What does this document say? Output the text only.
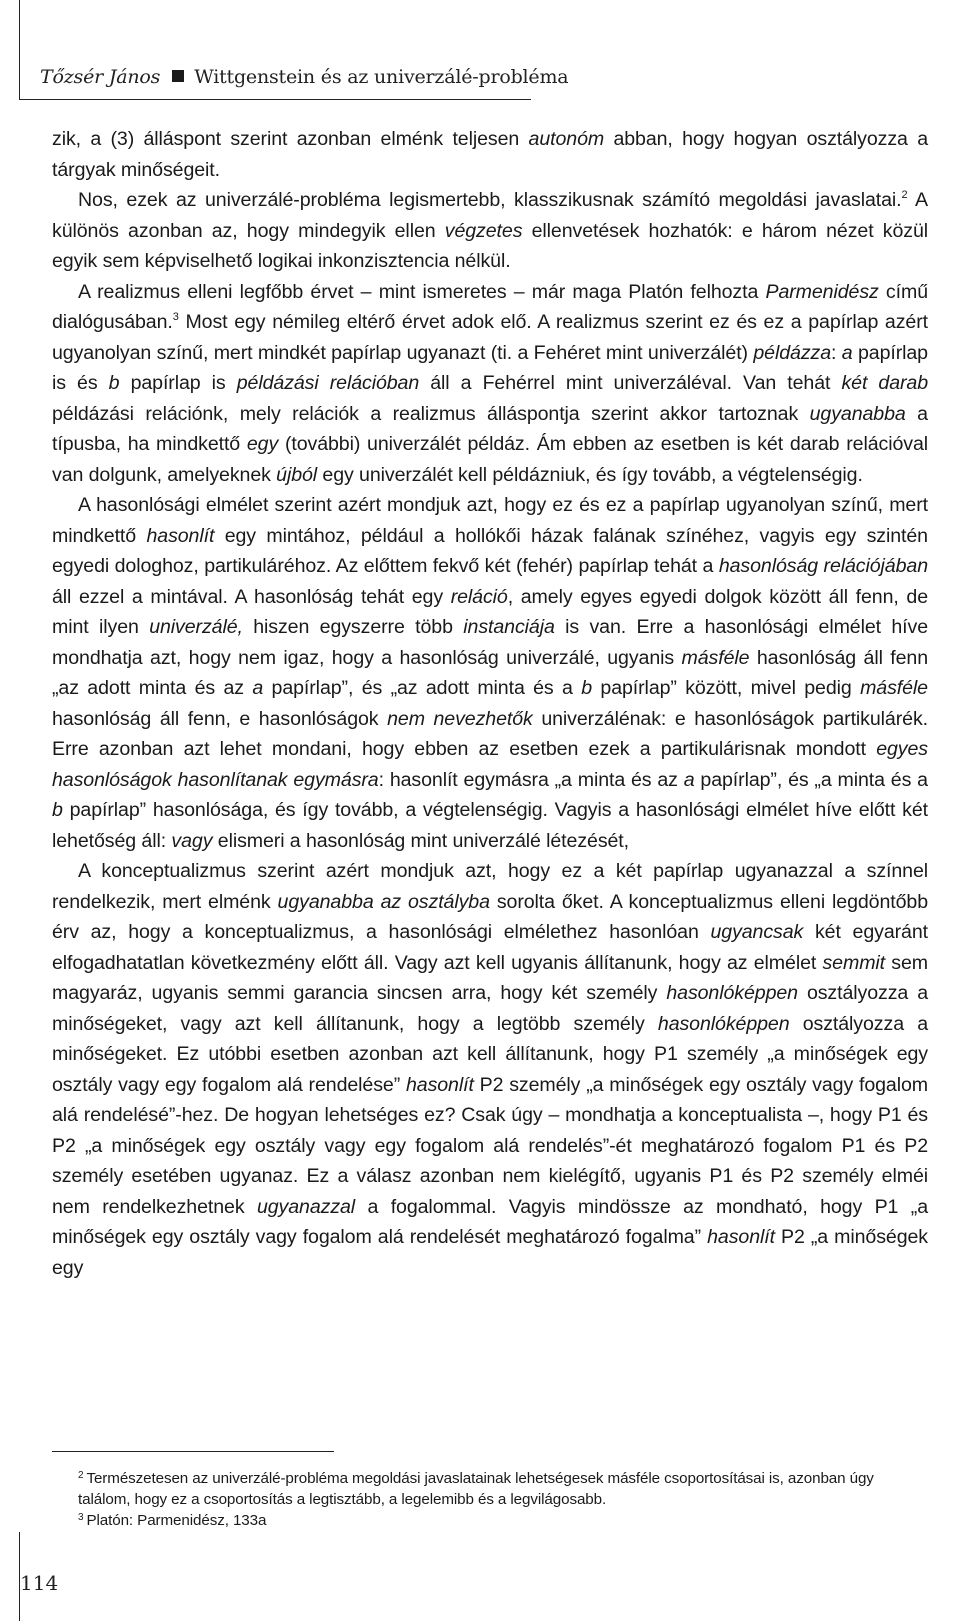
Tőzsér János Wittgenstein és az univerzálé-probléma

zik, a (3) álláspont szerint azonban elménk teljesen autonóm abban, hogy hogyan osztályozza a tárgyak minőségeit.

Nos, ezek az univerzálé-probléma legismertebb, klasszikusnak számító megoldási javaslatai.$^2$ A különös azonban az, hogy mindegyik ellen végzetes ellenvetések hozhatók: e három nézet közül egyik sem képviselhető logikai inkonzisztencia nélkül.

A realizmus elleni legfőbb érvet – mint ismeretes – már maga Platón felhozta Parmenidész című dialógusában.$^3$ Most egy némileg eltérő érvet adok elő. A realizmus szerint ez és ez a papírlap azért ugyanolyan színű, mert mindkét papírlap ugyanazt (ti. a Fehéret mint univerzálét) példázza: a papírlap is és b papírlap is példázási relációban áll a Fehérrel mint univerzáléval. Van tehát két darab példázási relációnk, mely relációk a realizmus álláspontja szerint akkor tartoznak ugyanabba a típusba, ha mindkettő egy (további) univerzálét példáz. Ám ebben az esetben is két darab relációval van dolgunk, amelyeknek újból egy univerzálét kell példázniuk, és így tovább, a végtelenségig.

A hasonlósági elmélet szerint azért mondjuk azt, hogy ez és ez a papírlap ugyanolyan színű, mert mindkettő hasonlít egy mintához, például a hollókői házak falának színéhez, vagyis egy szintén egyedi dologhoz, partikuláréhoz. Az előttem fekvő két (fehér) papírlap tehát a hasonlóság relációjában áll ezzel a mintával. A hasonlóság tehát egy reláció, amely egyes egyedi dolgok között áll fenn, de mint ilyen univerzálé, hiszen egyszerre több instanciája is van. Erre a hasonlósági elmélet híve mondhatja azt, hogy nem igaz, hogy a hasonlóság univerzálé, ugyanis másféle hasonlóság áll fenn „az adott minta és az a papírlap”, és „az adott minta és a b papírlap” között, mivel pedig másféle hasonlóság áll fenn, e hasonlóságok nem nevezhetők univerzálénak: e hasonlóságok partikulárék. Erre azonban azt lehet mondani, hogy ebben az esetben ezek a partikulárisnak mondott egyes hasonlóságok hasonlítanak egymásra: hasonlít egymásra „a minta és az a papírlap”, és „a minta és a b papírlap” hasonlósága, és így tovább, a végtelenségig. Vagyis a hasonlósági elmélet híve előtt két lehetőség áll: vagy elismeri a hasonlóság mint univerzálé létezését,

A konceptualizmus szerint azért mondjuk azt, hogy ez a két papírlap ugyanazzal a színnel rendelkezik, mert elménk ugyanabba az osztályba sorolta őket. A konceptualizmus elleni legdöntőbb érv az, hogy a konceptualizmus, a hasonlósági elmélethez hasonlóan ugyancsak két egyaránt elfogadhatatlan következmény előtt áll. Vagy azt kell ugyanis állítanunk, hogy az elmélet semmit sem magyaráz, ugyanis semmi garancia sincsen arra, hogy két személy hasonlóképpen osztályozza a minőségeket, vagy azt kell állítanunk, hogy a legtöbb személy hasonlóképpen osztályozza a minőségeket. Ez utóbbi esetben azonban azt kell állítanunk, hogy P1 személy „a minőségek egy osztály vagy egy fogalom alá rendelése” hasonlít P2 személy „a minőségek egy osztály vagy fogalom alá rendelésé”-hez. De hogyan lehetséges ez? Csak úgy – mondhatja a konceptualista –, hogy P1 és P2 „a minőségek egy osztály vagy egy fogalom alá rendelés”-ét meghatározó fogalom P1 és P2 személy esetében ugyanaz. Ez a válasz azonban nem kielégítő, ugyanis P1 és P2 személy elméi nem rendelkezhetnek ugyanazzal a fogalommal. Vagyis mindössze az mondható, hogy P1 „a minőségek egy osztály vagy fogalom alá rendelését meghatározó fogalma” hasonlít P2 „a minőségek egy

$^2$ Természetesen az univerzálé-probléma megoldási javaslatainak lehetségesek másféle csoportosításai is, azonban úgy találom, hogy ez a csoportosítás a legtisztább, a legelemibb és a legvilágosabb.

$^3$ Platón: Parmenidész, 133a

114
